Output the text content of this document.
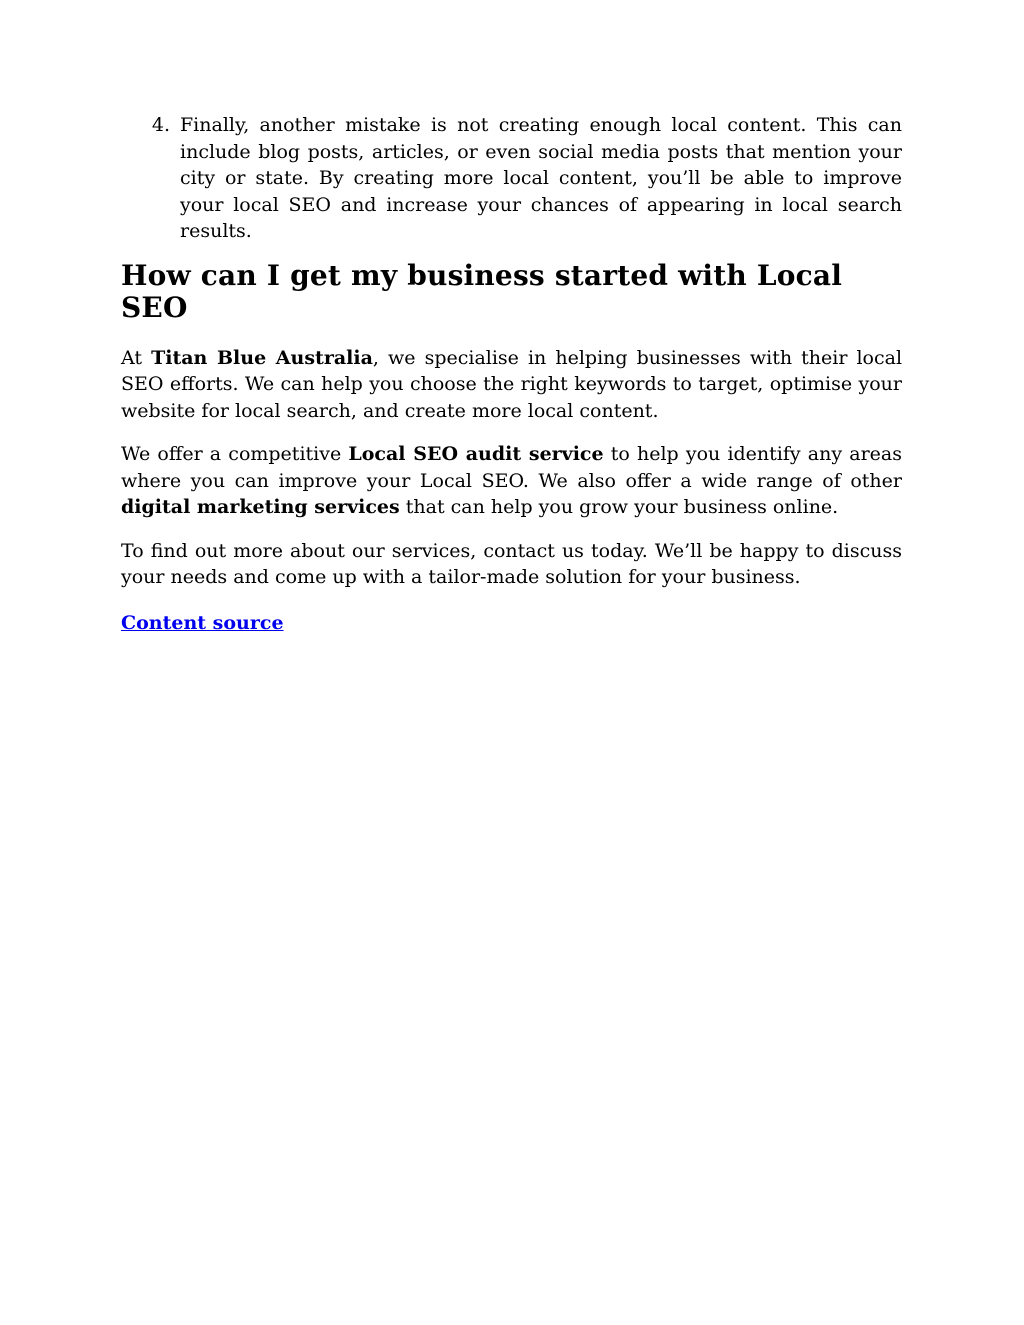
4. Finally, another mistake is not creating enough local content. This can include blog posts, articles, or even social media posts that mention your city or state. By creating more local content, you’ll be able to improve your local SEO and increase your chances of appearing in local search results.
How can I get my business started with Local SEO

At Titan Blue Australia, we specialise in helping businesses with their local SEO efforts. We can help you choose the right keywords to target, optimise your website for local search, and create more local content.

We offer a competitive Local SEO audit service to help you identify any areas where you can improve your Local SEO. We also offer a wide range of other digital marketing services that can help you grow your business online.

To find out more about our services, contact us today. We’ll be happy to discuss your needs and come up with a tailor-made solution for your business.

Content source
